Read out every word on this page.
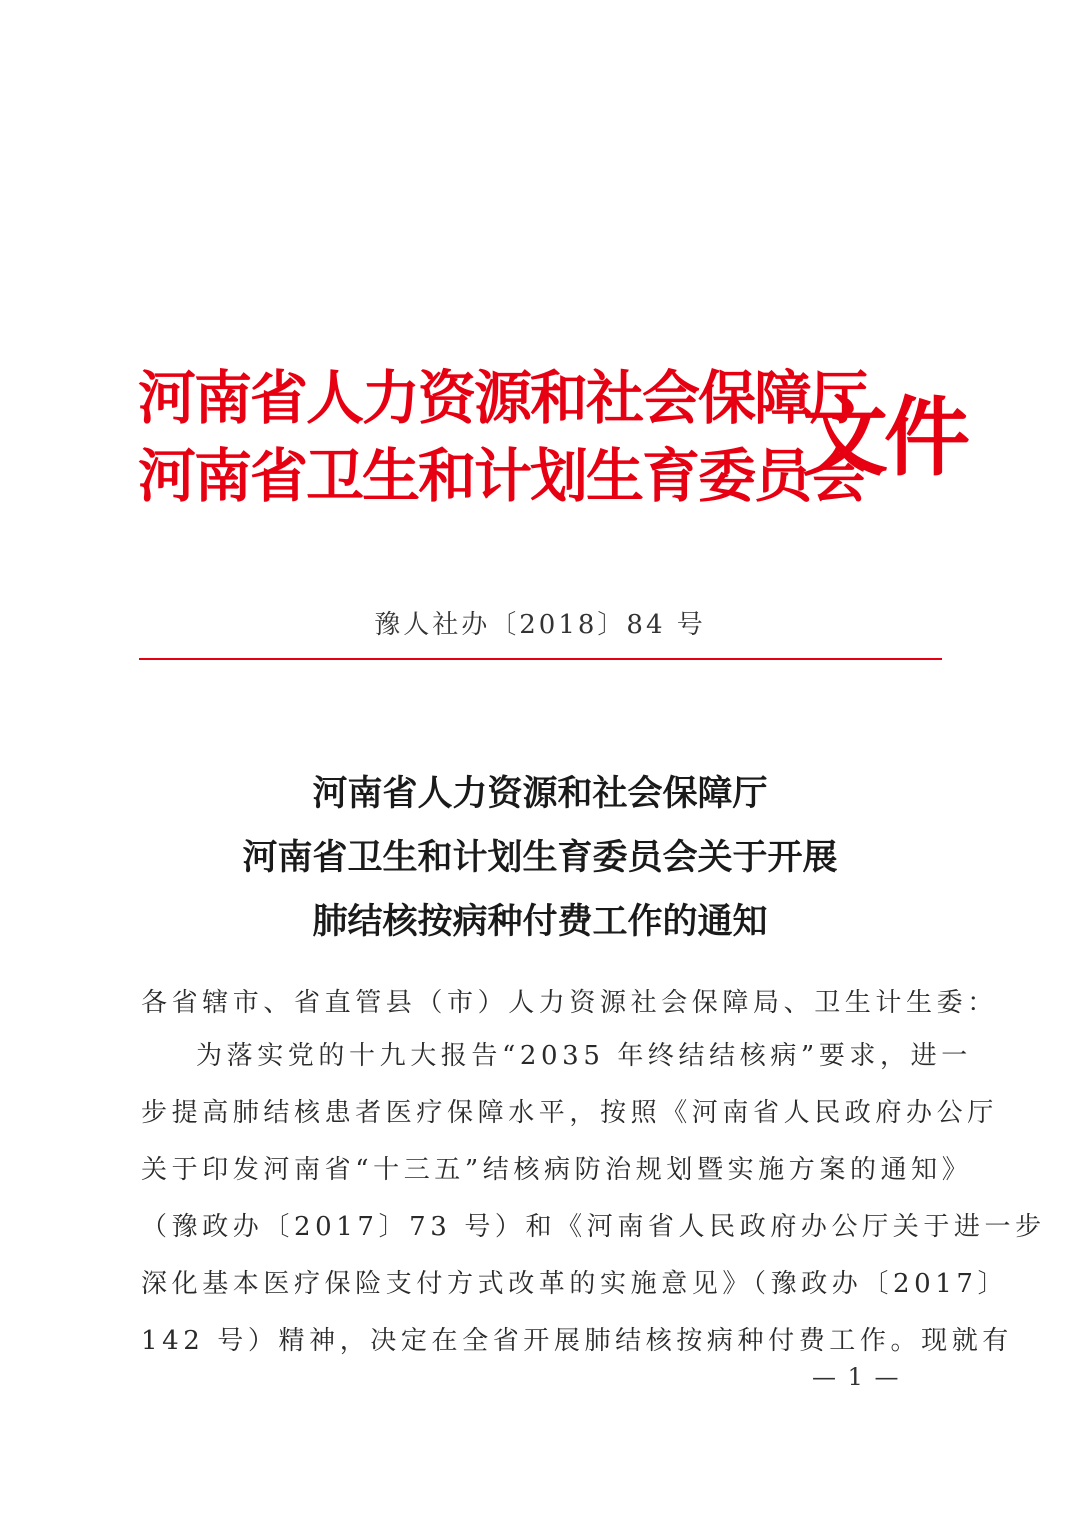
河南省人力资源和社会保障厅
河南省卫生和计划生育委员会
文件
豫人社办〔2018〕84 号
河南省人力资源和社会保障厅
河南省卫生和计划生育委员会关于开展
肺结核按病种付费工作的通知
各省辖市、省直管县（市）人力资源社会保障局、卫生计生委：
为落实党的十九大报告“2035 年终结结核病”要求，进一
步提高肺结核患者医疗保障水平，按照《河南省人民政府办公厅
关于印发河南省“十三五”结核病防治规划暨实施方案的通知》
（豫政办〔2017〕73 号）和《河南省人民政府办公厅关于进一步
深化基本医疗保险支付方式改革的实施意见》（豫政办〔2017〕
142 号）精神，决定在全省开展肺结核按病种付费工作。现就有
— 1 —
